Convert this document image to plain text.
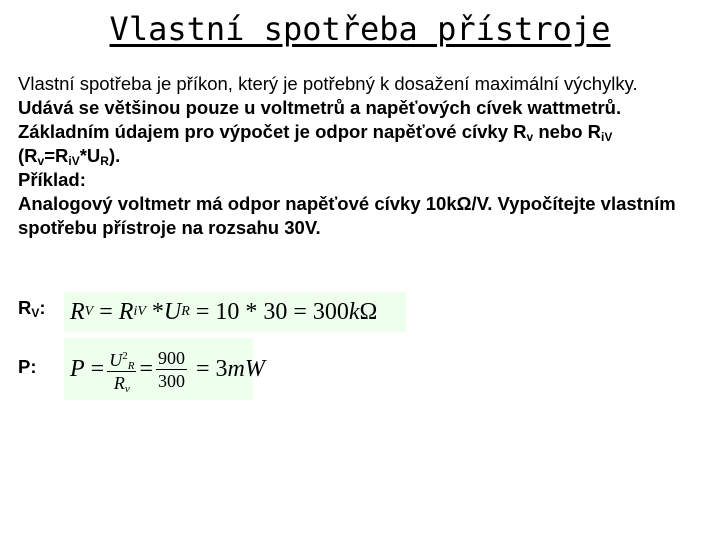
Vlastní spotřeba přístroje

Vlastní spotřeba je příkon, který je potřebný k dosažení maximální výchylky.

Udává se většinou pouze u voltmetrů a napěťových cívek wattmetrů.

Základním údajem pro výpočet je odpor napěťové cívky $R_v$ nebo $R_{iV}$

$(R_v=R_{iV}*U_R)$.

Příklad:

Analogový voltmetr má odpor napěťové cívky 10kΩ/V. Vypočítejte vlastním spotřebu přístroje na rozsahu 30V.

$R_V$: R V = R iV * U R = 10 * 30 = 300 k Ω
P: $P = \frac{U^2_R}{R_v} = \frac{900}{300} = 3$ mW
